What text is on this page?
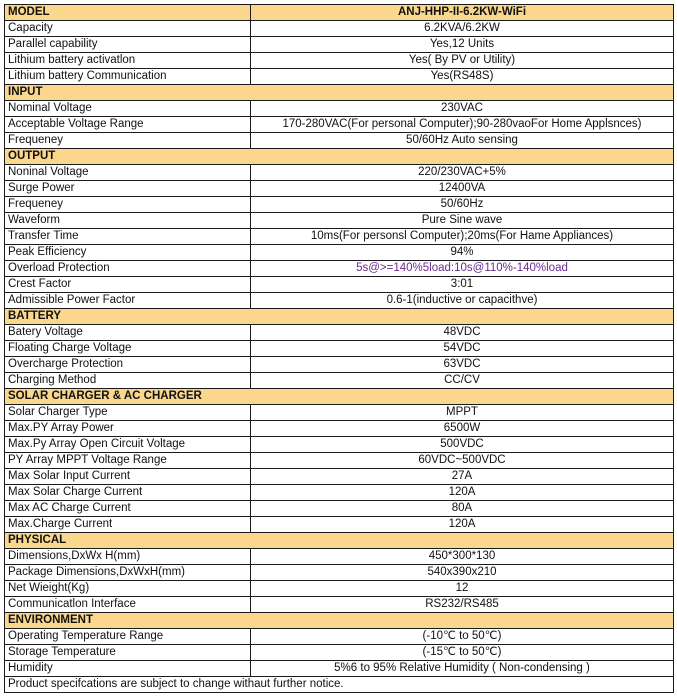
MODEL	ANJ-HHP-II-6.2KW-WiFi
Capacity	6.2KVA/6.2KW
Parallel capability	Yes,12 Units
Lithium battery activatlon	Yes( By PV or Utility)
Lithium battery Communication	Yes(RS48S)
INPUT	
Nominal Voltage	230VAC
Acceptable Voltage Range	170-280VAC(For personal Computer);90-280vaoFor Home Applsnces)
Frequeney	50/60Hz Auto sensing
OUTPUT	
Noninal Voltage	220/230VAC+5%
Surge Power	12400VA
Frequeney	50/60Hz
Waveform	Pure Sine wave
Transfer Time	10ms(For personsl Computer);20ms(For Hame Appliances)
Peak Efficiency	94%
Overload Protection	5s@>=140%5load:10s@110%-140%load
Crest Factor	3:01
Admissible Power Factor	0.6-1(inductive or capacithve)
BATTERY	
Batery Voltage	48VDC
Floating Charge Voltage	54VDC
Overcharge Protection	63VDC
Charging Method	CC/CV
SOLAR CHARGER & AC CHARGER	
Solar Charger Type	MPPT
Max.PY Array Power	6500W
Max.Py Array Open Circuit Voltage	500VDC
PY Array MPPT Voltage Range	60VDC~500VDC
Max Solar Input Current	27A
Max Solar Charge Current	120A
Max AC Charge Current	80A
Max.Charge Current	120A
PHYSICAL	
Dimensions,DxWx H(mm)	450*300*130
Package Dimensions,DxWxH(mm)	540x390x210
Net Wieight(Kg)	12
Communicatlon Interface	RS232/RS485
ENVIRONMENT	
Operating Temperature Range	(-10℃ to 50℃)
Storage Temperature	(-15℃ to 50℃)
Humidity	5%6 to 95% Relative Humidity ( Non-condensing )
Product specifcations are subject to change withaut further notice.	
